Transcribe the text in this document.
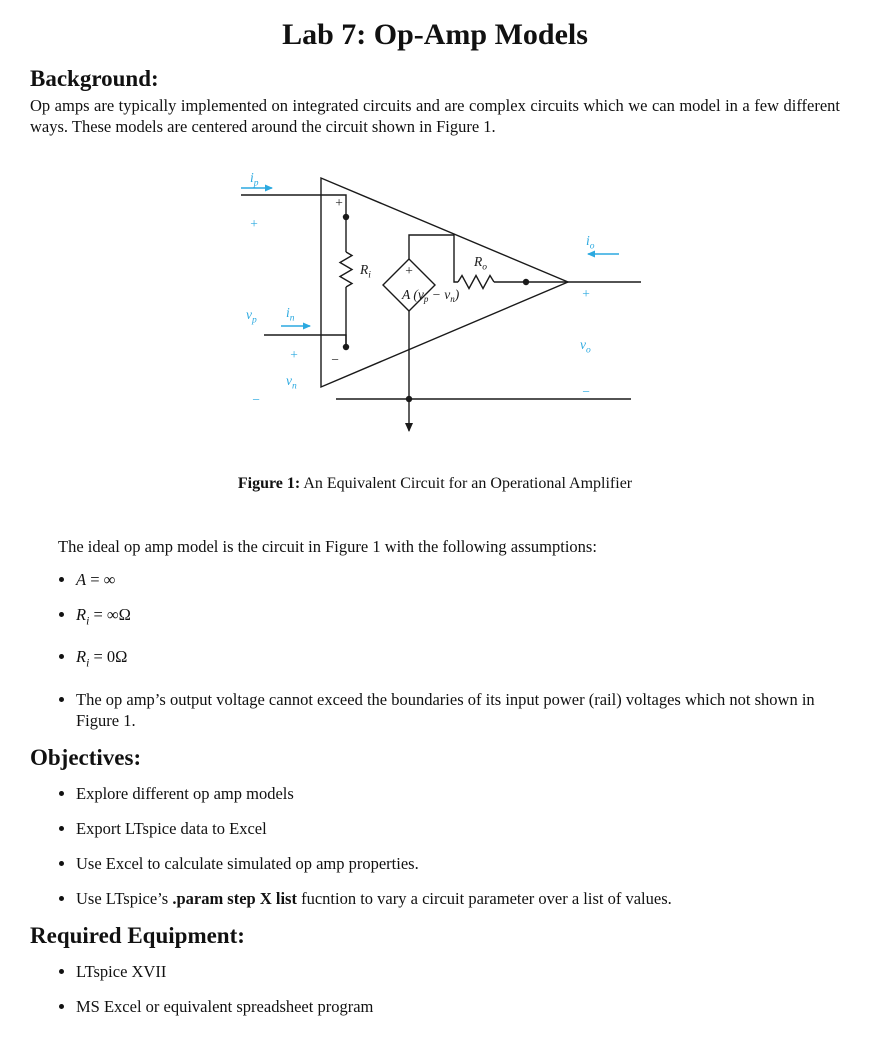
Lab 7: Op-Amp Models
Background:

Op amps are typically implemented on integrated circuits and are complex circuits which we can model in a few different ways. These models are centered around the circuit shown in Figure 1.

$i_p$
+
$v_p$
$i_n$
+
$v_n$
−
+
−
$R_i$
$R_o$
+
A $(v_p - v_n)$
$i_o$
+
$v_o$
−

Figure 1: An Equivalent Circuit for an Operational Amplifier

The ideal op amp model is the circuit in Figure 1 with the following assumptions:

• A = ∞
• $R_i = \infty\Omega$
• $R_i = 0\Omega$
• The op amp’s output voltage cannot exceed the boundaries of its input power (rail) voltages which not shown in Figure 1.
Objectives:
• Explore different op amp models
• Export LTspice data to Excel
• Use Excel to calculate simulated op amp properties.
• Use LTspice’s .param step X list fucntion to vary a circuit parameter over a list of values.
Required Equipment:
• LTspice XVII
• MS Excel or equivalent spreadsheet program
